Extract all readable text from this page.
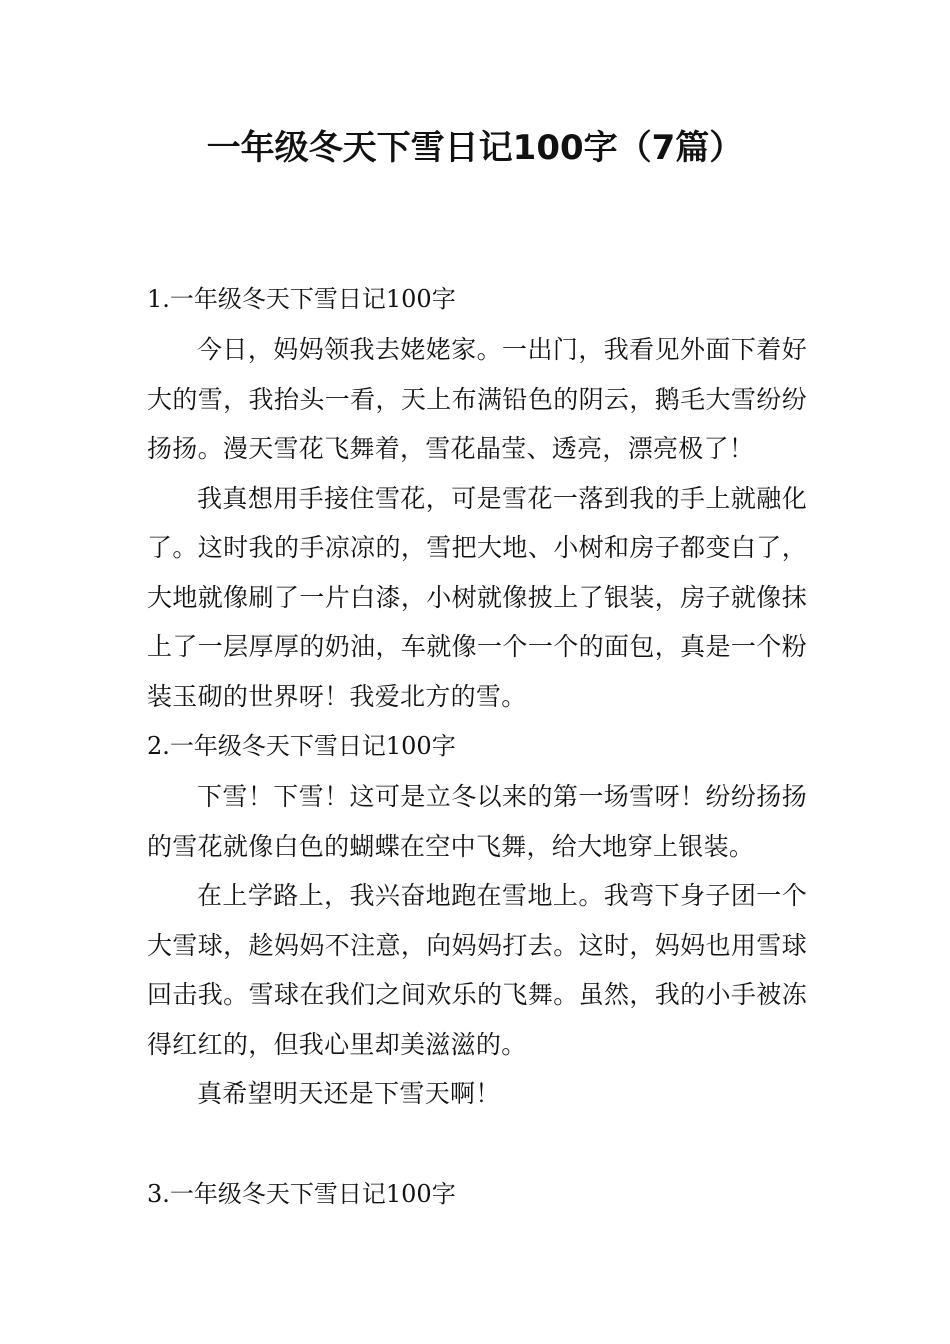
一年级冬天下雪日记100字（7篇）

1.一年级冬天下雪日记100字

今日，妈妈领我去姥姥家。一出门，我看见外面下着好大的雪，我抬头一看，天上布满铅色的阴云，鹅毛大雪纷纷扬扬。漫天雪花飞舞着，雪花晶莹、透亮，漂亮极了！

我真想用手接住雪花，可是雪花一落到我的手上就融化了。这时我的手凉凉的，雪把大地、小树和房子都变白了，大地就像刷了一片白漆，小树就像披上了银装，房子就像抹上了一层厚厚的奶油，车就像一个一个的面包，真是一个粉装玉砌的世界呀！我爱北方的雪。

2.一年级冬天下雪日记100字

下雪！下雪！这可是立冬以来的第一场雪呀！纷纷扬扬的雪花就像白色的蝴蝶在空中飞舞，给大地穿上银装。

在上学路上，我兴奋地跑在雪地上。我弯下身子团一个大雪球，趁妈妈不注意，向妈妈打去。这时，妈妈也用雪球回击我。雪球在我们之间欢乐的飞舞。虽然，我的小手被冻得红红的，但我心里却美滋滋的。

真希望明天还是下雪天啊！

3.一年级冬天下雪日记100字
